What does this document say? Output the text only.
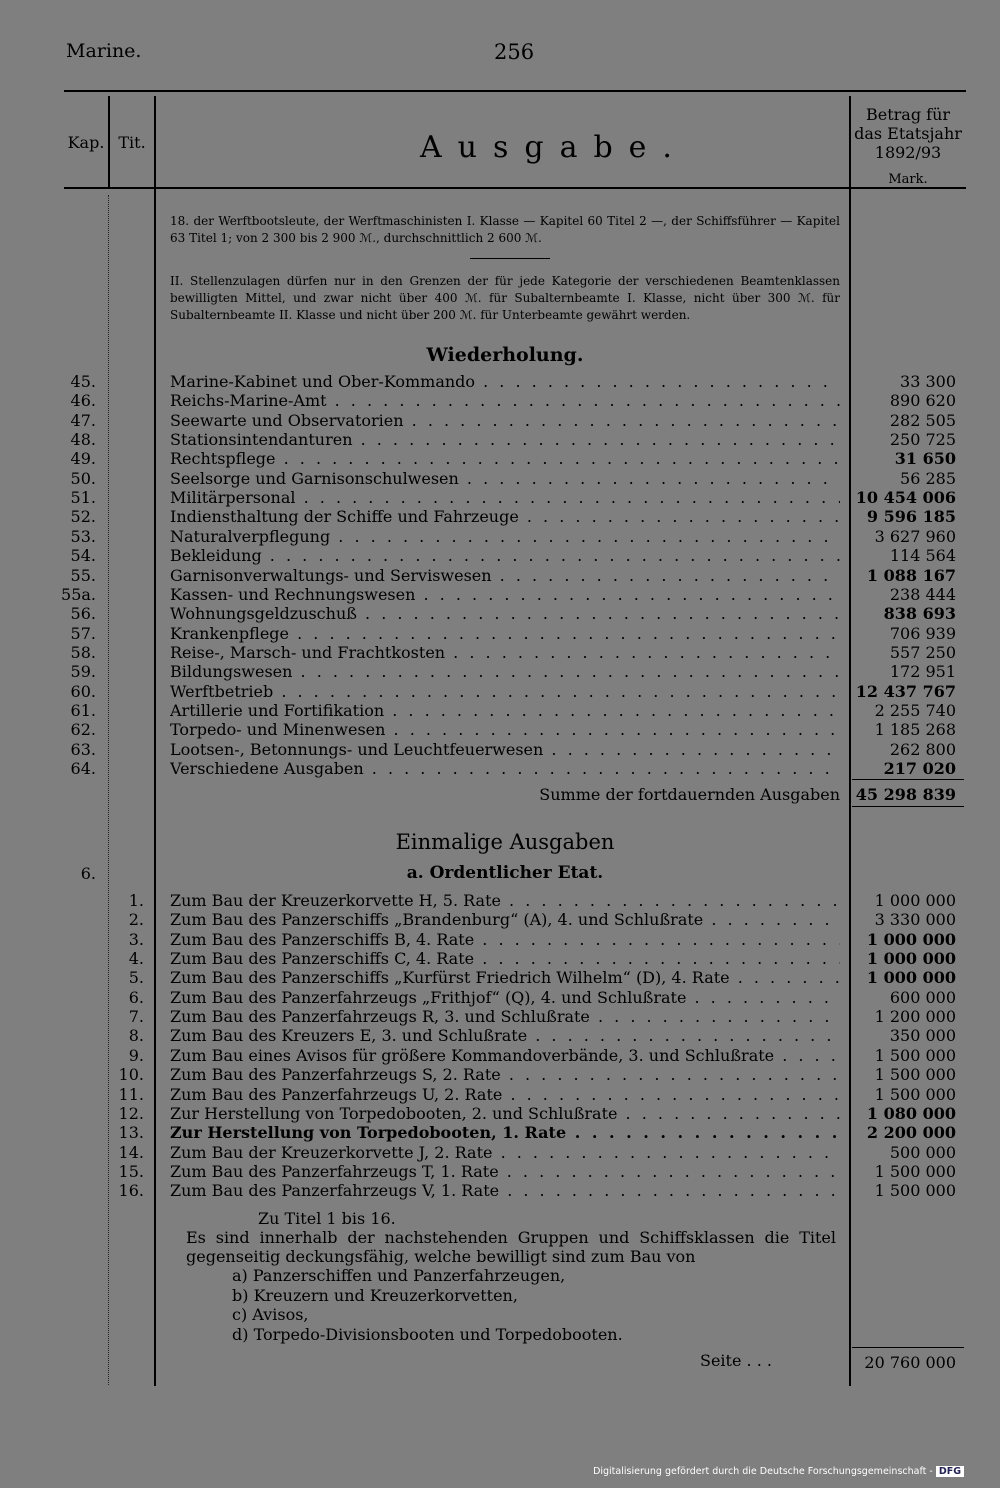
Marine.	256
Kap. Tit.	Ausgabe.
Betrag für das Etatsjahr 1892/93
Mark.
18. der Werftbootsleute, der Werftmaschinisten I. Klasse — Kapitel 60 Titel 2 —, der Schiffsführer — Kapitel 63 Titel 1; von 2 300 bis 2 900 ℳ., durchschnittlich 2 600 ℳ.
II. Stellenzulagen dürfen nur in den Grenzen der für jede Kategorie der verschiedenen Beamtenklassen bewilligten Mittel, und zwar nicht über 400 ℳ. für Subalternbeamte I. Klasse, nicht über 300 ℳ. für Subalternbeamte II. Klasse und nicht über 200 ℳ. für Unterbeamte gewährt werden.
Wiederholung.
45.	Marine-Kabinet und Ober-Kommando . . .	33 300
46.	Reichs-Marine-Amt . . .	890 620
47.	Seewarte und Observatorien . . .	282 505
48.	Stationsintendanturen . . .	250 725
49.	Rechtspflege . . .	31 650
50.	Seelsorge und Garnisonschulwesen . . .	56 285
51.	Militärpersonal . . .	10 454 006
52.	Indiensthaltung der Schiffe und Fahrzeuge . . .	9 596 185
53.	Naturalverpflegung . . .	3 627 960
54.	Bekleidung . . .	114 564
55.	Garnisonverwaltungs- und Serviswesen . . .	1 088 167
55a.	Kassen- und Rechnungswesen . . .	238 444
56.	Wohnungsgeldzuschuß . . .	838 693
57.	Krankenpflege . . .	706 939
58.	Reise-, Marsch- und Frachtkosten . . .	557 250
59.	Bildungswesen . . .	172 951
60.	Werftbetrieb . . .	12 437 767
61.	Artillerie und Fortifikation . . .	2 255 740
62.	Torpedo- und Minenwesen . . .	1 185 268
63.	Lootsen-, Betonnungs- und Leuchtfeuerwesen . . .	262 800
64.	Verschiedene Ausgaben . . .	217 020
Summe der fortdauernden Ausgaben 45 298 839
Einmalige Ausgaben
6.	a. Ordentlicher Etat.
1. Zum Bau der Kreuzerkorvette H, 5. Rate . . .	1 000 000
2. Zum Bau des Panzerschiffs „Brandenburg“ (A), 4. und Schlußrate . . .	3 330 000
3. Zum Bau des Panzerschiffs B, 4. Rate . . .	1 000 000
4. Zum Bau des Panzerschiffs C, 4. Rate . . .	1 000 000
5. Zum Bau des Panzerschiffs „Kurfürst Friedrich Wilhelm“ (D), 4. Rate . . .	1 000 000
6. Zum Bau des Panzerfahrzeugs „Frithjof“ (Q), 4. und Schlußrate . . .	600 000
7. Zum Bau des Panzerfahrzeugs R, 3. und Schlußrate . . .	1 200 000
8. Zum Bau des Kreuzers E, 3. und Schlußrate . . .	350 000
9. Zum Bau eines Avisos für größere Kommandoverbände, 3. und Schlußrate . . .	1 500 000
10. Zum Bau des Panzerfahrzeugs S, 2. Rate . . .	1 500 000
11. Zum Bau des Panzerfahrzeugs U, 2. Rate . . .	1 500 000
12. Zur Herstellung von Torpedobooten, 2. und Schlußrate . . .	1 080 000
13. Zur Herstellung von Torpedobooten, 1. Rate . . .	2 200 000
14. Zum Bau der Kreuzerkorvette J, 2. Rate . . .	500 000
15. Zum Bau des Panzerfahrzeugs T, 1. Rate . . .	1 500 000
16. Zum Bau des Panzerfahrzeugs V, 1. Rate . . .	1 500 000
Zu Titel 1 bis 16.
Es sind innerhalb der nachstehenden Gruppen und Schiffsklassen die Titel gegenseitig deckungsfähig, welche bewilligt sind zum Bau von
a) Panzerschiffen und Panzerfahrzeugen,
b) Kreuzern und Kreuzerkorvetten,
c) Avisos,
d) Torpedo-Divisionsbooten und Torpedobooten.
Seite . . .	20 760 000
Digitalisierung gefördert durch die Deutsche Forschungsgemeinschaft - DFG
